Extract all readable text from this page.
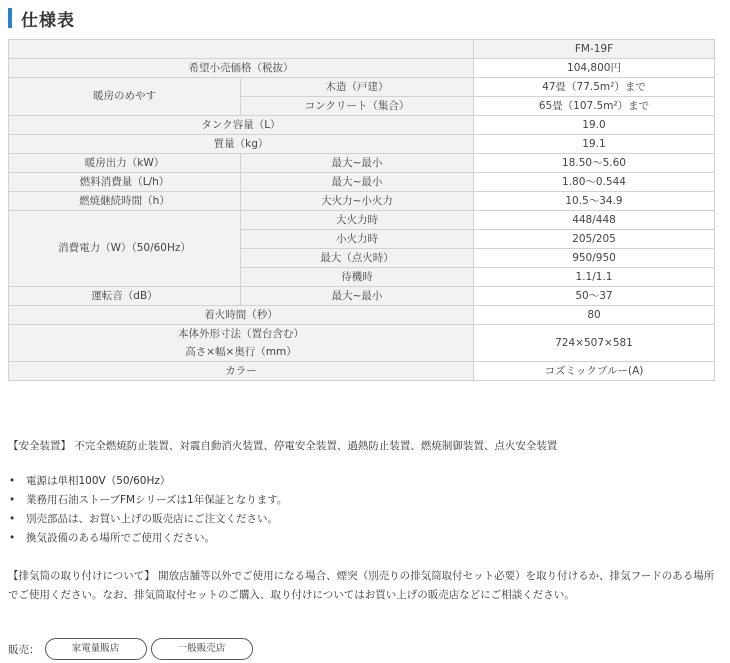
仕様表
		FM-19F
希望小売価格（税抜）		104,800円
暖房のめやす	木造（戸建）	47畳（77.5m²）まで
	コンクリート（集合）	65畳（107.5m²）まで
タンク容量（L）		19.0
質量（kg）		19.1
暖房出力（kW）	最大~最小	18.50～5.60
燃料消費量（L/h）	最大~最小	1.80～0.544
燃焼継続時間（h）	大火力~小火力	10.5～34.9
消費電力（W）（50/60Hz）	大火力時	448/448
	小火力時	205/205
	最大（点火時）	950/950
	待機時	1.1/1.1
運転音（dB）	最大~最小	50～37
着火時間（秒）		80

本体外形寸法（置台含む）
高さ×幅×奥行（mm）		724×507×581
カラー		コズミックブルー(A)
【安全装置】 不完全燃焼防止装置、対震自動消火装置、停電安全装置、過熱防止装置、燃焼制御装置、点火安全装置
•	電源は単相100V（50/60Hz）
•	業務用石油ストーブFMシリーズは1年保証となります。
•	別売部品は、お買い上げの販売店にご注文ください。
•	換気設備のある場所でご使用ください。
【排気筒の取り付けについて】 開放店舗等以外でご使用になる場合、煙突（別売りの排気筒取付セット必要）を取り付けるか、排気フードのある場所でご使用ください。なお、排気筒取付セットのご購入、取り付けについてはお買い上げの販売店などにご相談ください。
販売：	家電量販店	一般販売店
